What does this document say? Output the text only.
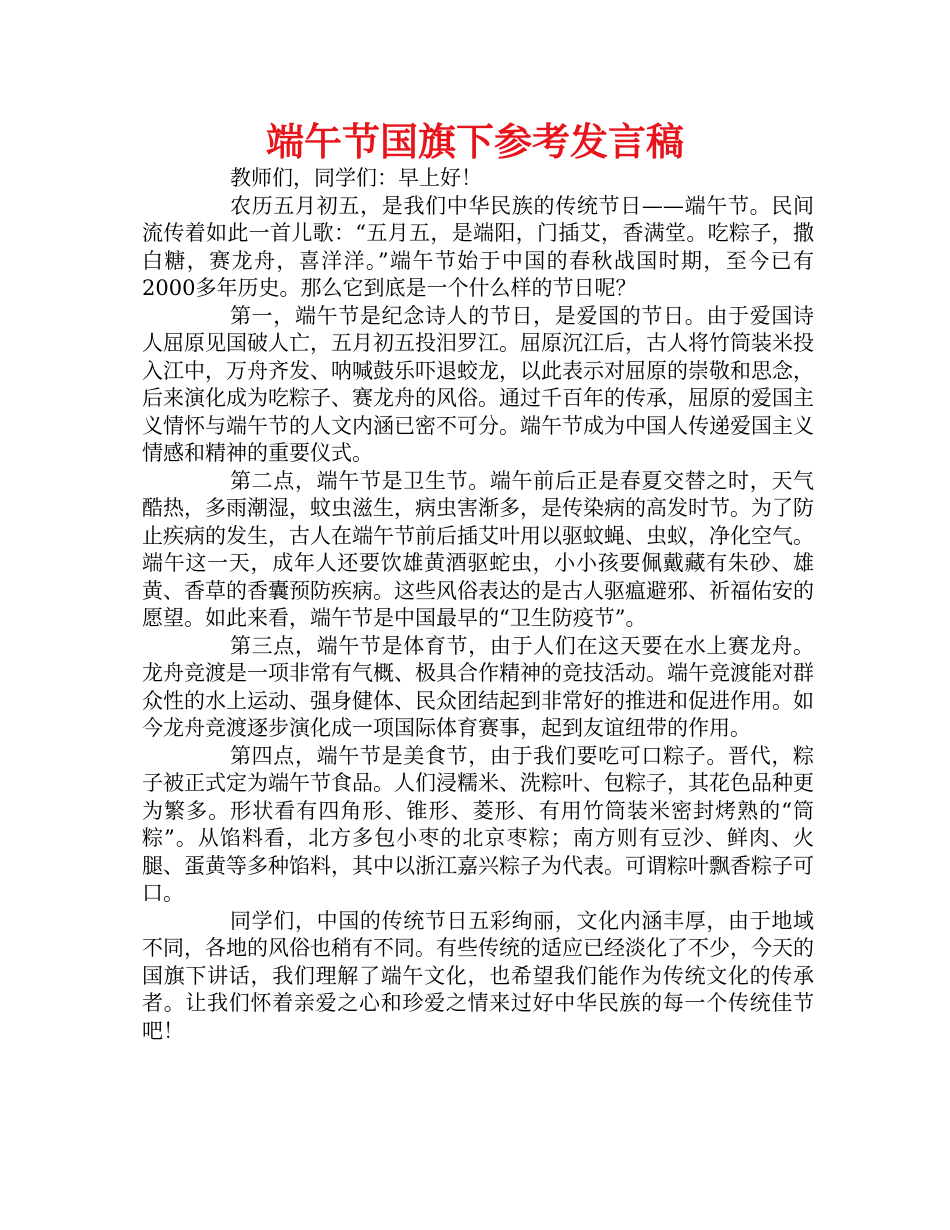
端午节国旗下参考发言稿

教师们，同学们：早上好！

农历五月初五，是我们中华民族的传统节日——端午节。民间流传着如此一首儿歌：“五月五，是端阳，门插艾，香满堂。吃粽子，撒白糖，赛龙舟，喜洋洋。”端午节始于中国的春秋战国时期，至今已有2000多年历史。那么它到底是一个什么样的节日呢？

第一，端午节是纪念诗人的节日，是爱国的节日。由于爱国诗人屈原见国破人亡，五月初五投汨罗江。屈原沉江后，古人将竹筒装米投入江中，万舟齐发、呐喊鼓乐吓退蛟龙，以此表示对屈原的崇敬和思念，后来演化成为吃粽子、赛龙舟的风俗。通过千百年的传承，屈原的爱国主义情怀与端午节的人文内涵已密不可分。端午节成为中国人传递爱国主义情感和精神的重要仪式。

第二点，端午节是卫生节。端午前后正是春夏交替之时，天气酷热，多雨潮湿，蚊虫滋生，病虫害渐多，是传染病的高发时节。为了防止疾病的发生，古人在端午节前后插艾叶用以驱蚊蝇、虫蚁，净化空气。端午这一天，成年人还要饮雄黄酒驱蛇虫，小小孩要佩戴藏有朱砂、雄黄、香草的香囊预防疾病。这些风俗表达的是古人驱瘟避邪、祈福佑安的愿望。如此来看，端午节是中国最早的“卫生防疫节”。

第三点，端午节是体育节，由于人们在这天要在水上赛龙舟。龙舟竞渡是一项非常有气概、极具合作精神的竞技活动。端午竞渡能对群众性的水上运动、强身健体、民众团结起到非常好的推进和促进作用。如今龙舟竞渡逐步演化成一项国际体育赛事，起到友谊纽带的作用。

第四点，端午节是美食节，由于我们要吃可口粽子。晋代，粽子被正式定为端午节食品。人们浸糯米、洗粽叶、包粽子，其花色品种更为繁多。形状看有四角形、锥形、菱形、有用竹筒装米密封烤熟的“筒粽”。从馅料看，北方多包小枣的北京枣粽；南方则有豆沙、鲜肉、火腿、蛋黄等多种馅料，其中以浙江嘉兴粽子为代表。可谓粽叶飘香粽子可口。

同学们，中国的传统节日五彩绚丽，文化内涵丰厚，由于地域不同，各地的风俗也稍有不同。有些传统的适应已经淡化了不少，今天的国旗下讲话，我们理解了端午文化，也希望我们能作为传统文化的传承者。让我们怀着亲爱之心和珍爱之情来过好中华民族的每一个传统佳节吧！
